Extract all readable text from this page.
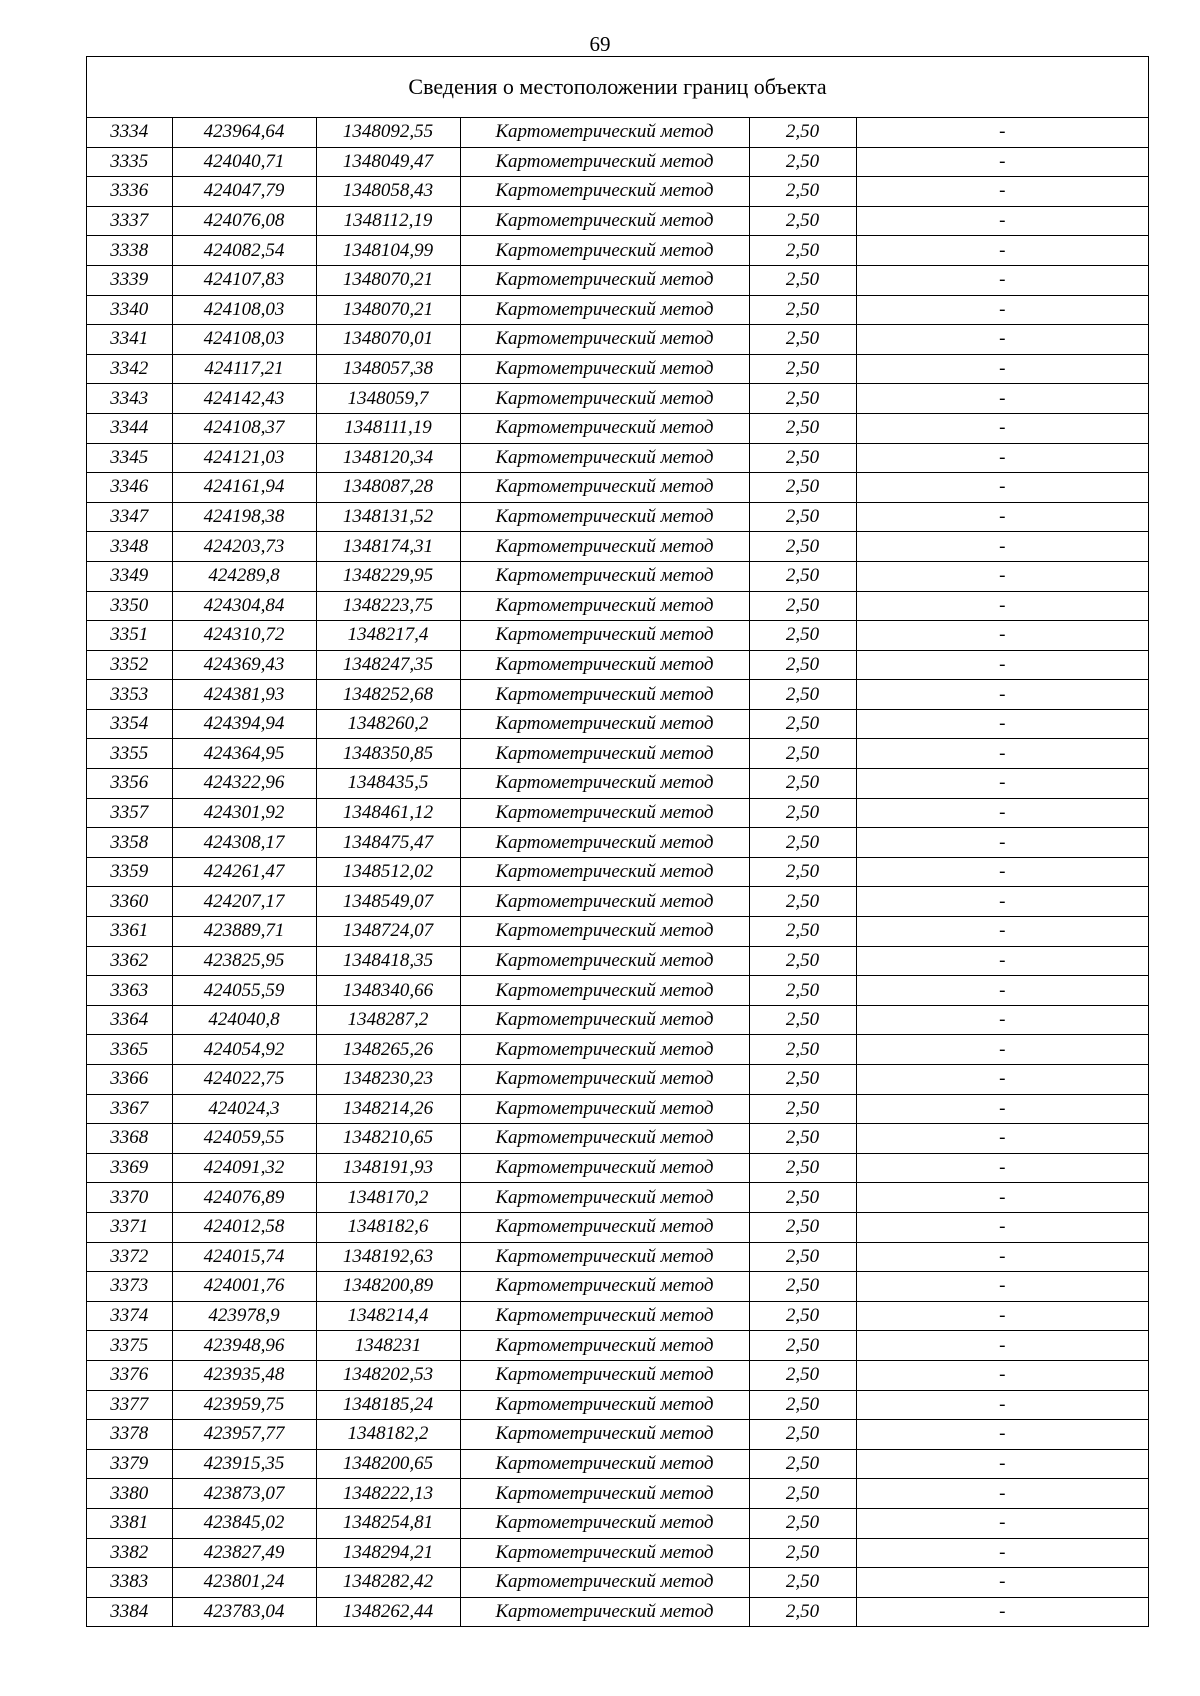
69
Сведения о местоположении границ объекта
3334	423964,64	1348092,55	Картометрический метод	2,50	-
3335	424040,71	1348049,47	Картометрический метод	2,50	-
3336	424047,79	1348058,43	Картометрический метод	2,50	-
3337	424076,08	1348112,19	Картометрический метод	2,50	-
3338	424082,54	1348104,99	Картометрический метод	2,50	-
3339	424107,83	1348070,21	Картометрический метод	2,50	-
3340	424108,03	1348070,21	Картометрический метод	2,50	-
3341	424108,03	1348070,01	Картометрический метод	2,50	-
3342	424117,21	1348057,38	Картометрический метод	2,50	-
3343	424142,43	1348059,7	Картометрический метод	2,50	-
3344	424108,37	1348111,19	Картометрический метод	2,50	-
3345	424121,03	1348120,34	Картометрический метод	2,50	-
3346	424161,94	1348087,28	Картометрический метод	2,50	-
3347	424198,38	1348131,52	Картометрический метод	2,50	-
3348	424203,73	1348174,31	Картометрический метод	2,50	-
3349	424289,8	1348229,95	Картометрический метод	2,50	-
3350	424304,84	1348223,75	Картометрический метод	2,50	-
3351	424310,72	1348217,4	Картометрический метод	2,50	-
3352	424369,43	1348247,35	Картометрический метод	2,50	-
3353	424381,93	1348252,68	Картометрический метод	2,50	-
3354	424394,94	1348260,2	Картометрический метод	2,50	-
3355	424364,95	1348350,85	Картометрический метод	2,50	-
3356	424322,96	1348435,5	Картометрический метод	2,50	-
3357	424301,92	1348461,12	Картометрический метод	2,50	-
3358	424308,17	1348475,47	Картометрический метод	2,50	-
3359	424261,47	1348512,02	Картометрический метод	2,50	-
3360	424207,17	1348549,07	Картометрический метод	2,50	-
3361	423889,71	1348724,07	Картометрический метод	2,50	-
3362	423825,95	1348418,35	Картометрический метод	2,50	-
3363	424055,59	1348340,66	Картометрический метод	2,50	-
3364	424040,8	1348287,2	Картометрический метод	2,50	-
3365	424054,92	1348265,26	Картометрический метод	2,50	-
3366	424022,75	1348230,23	Картометрический метод	2,50	-
3367	424024,3	1348214,26	Картометрический метод	2,50	-
3368	424059,55	1348210,65	Картометрический метод	2,50	-
3369	424091,32	1348191,93	Картометрический метод	2,50	-
3370	424076,89	1348170,2	Картометрический метод	2,50	-
3371	424012,58	1348182,6	Картометрический метод	2,50	-
3372	424015,74	1348192,63	Картометрический метод	2,50	-
3373	424001,76	1348200,89	Картометрический метод	2,50	-
3374	423978,9	1348214,4	Картометрический метод	2,50	-
3375	423948,96	1348231	Картометрический метод	2,50	-
3376	423935,48	1348202,53	Картометрический метод	2,50	-
3377	423959,75	1348185,24	Картометрический метод	2,50	-
3378	423957,77	1348182,2	Картометрический метод	2,50	-
3379	423915,35	1348200,65	Картометрический метод	2,50	-
3380	423873,07	1348222,13	Картометрический метод	2,50	-
3381	423845,02	1348254,81	Картометрический метод	2,50	-
3382	423827,49	1348294,21	Картометрический метод	2,50	-
3383	423801,24	1348282,42	Картометрический метод	2,50	-
3384	423783,04	1348262,44	Картометрический метод	2,50	-
